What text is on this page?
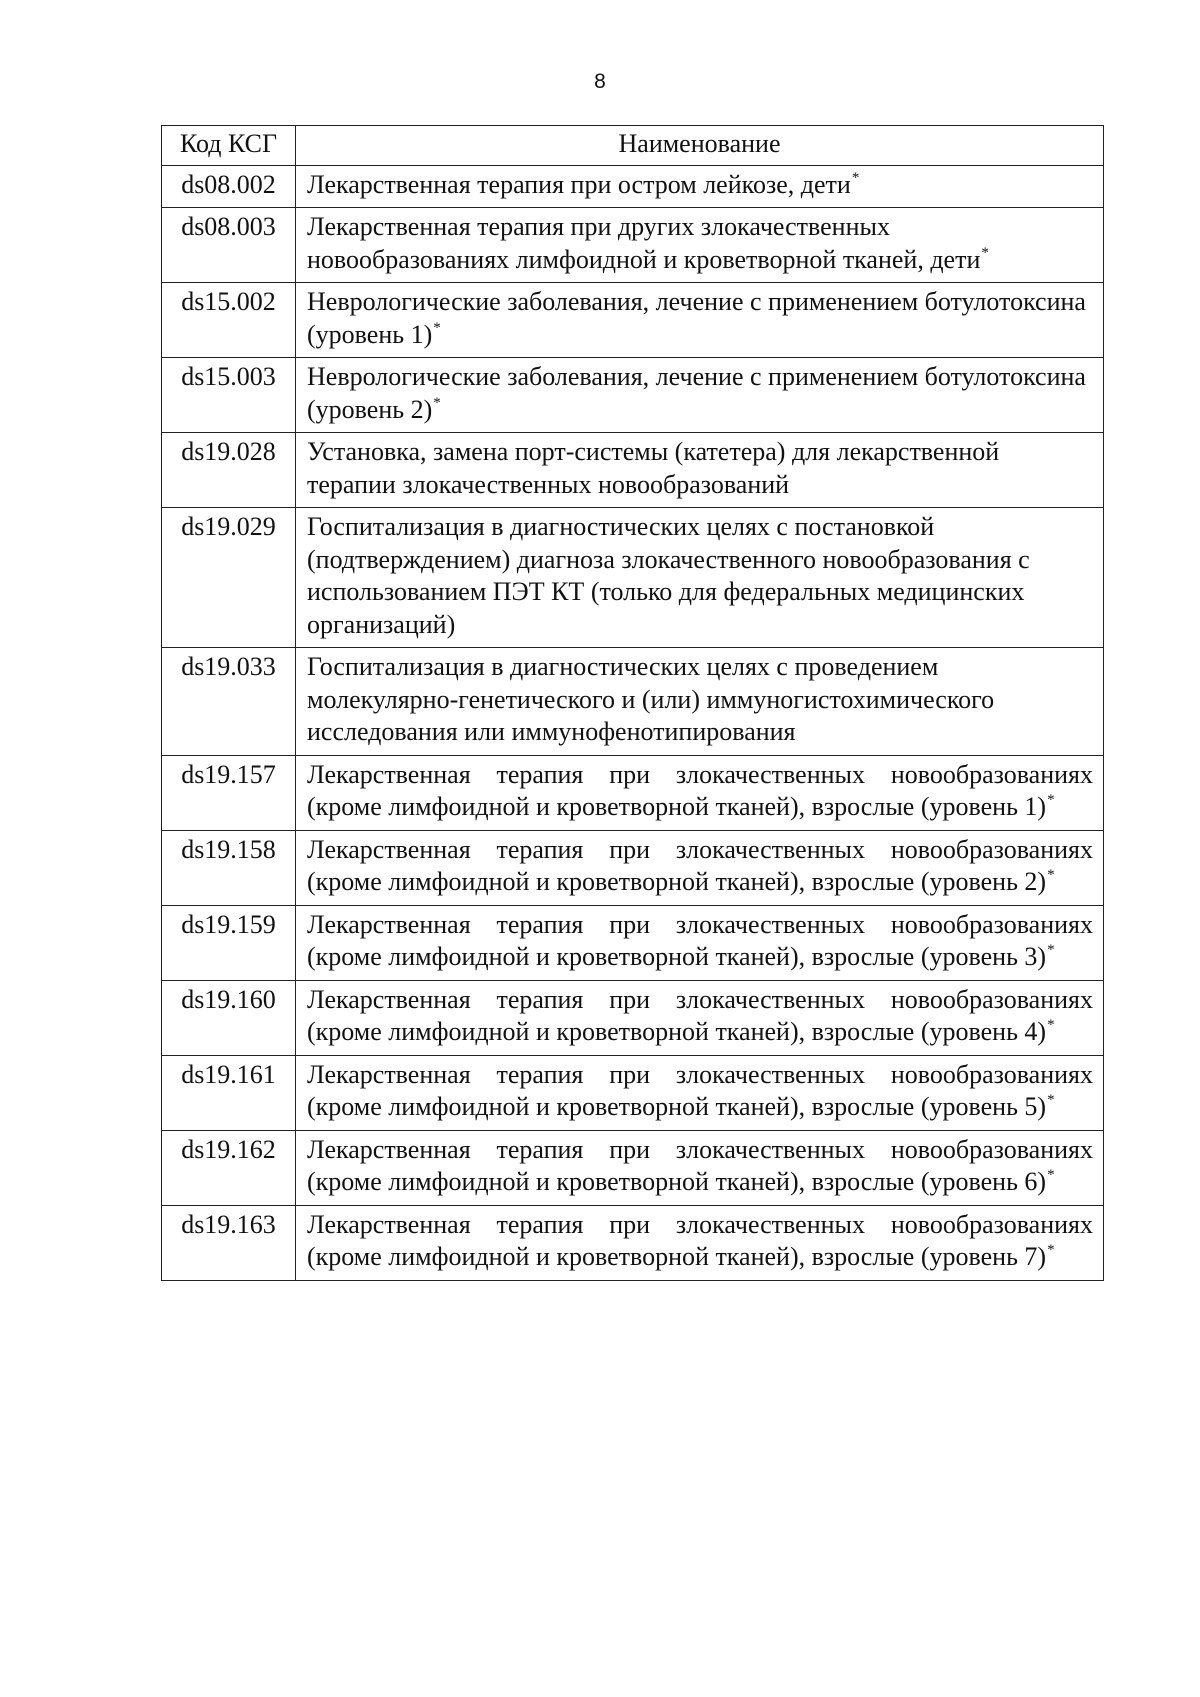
8
Код КСГ	Наименование
ds08.002	Лекарственная терапия при остром лейкозе, дети*
ds08.003	Лекарственная терапия при других злокачественных новообразованиях лимфоидной и кроветворной тканей, дети*
ds15.002	Неврологические заболевания, лечение с применением ботулотоксина (уровень 1)*
ds15.003	Неврологические заболевания, лечение с применением ботулотоксина (уровень 2)*
ds19.028	Установка, замена порт-системы (катетера) для лекарственной терапии злокачественных новообразований
ds19.029	Госпитализация в диагностических целях с постановкой (подтверждением) диагноза злокачественного новообразования с использованием ПЭТ КТ (только для федеральных медицинских организаций)
ds19.033	Госпитализация в диагностических целях с проведением молекулярно-генетического и (или) иммуногистохимического исследования или иммунофенотипирования
ds19.157	Лекарственная терапия при злокачественных новообразованиях (кроме лимфоидной и кроветворной тканей), взрослые (уровень 1)*
ds19.158	Лекарственная терапия при злокачественных новообразованиях (кроме лимфоидной и кроветворной тканей), взрослые (уровень 2)*
ds19.159	Лекарственная терапия при злокачественных новообразованиях (кроме лимфоидной и кроветворной тканей), взрослые (уровень 3)*
ds19.160	Лекарственная терапия при злокачественных новообразованиях (кроме лимфоидной и кроветворной тканей), взрослые (уровень 4)*
ds19.161	Лекарственная терапия при злокачественных новообразованиях (кроме лимфоидной и кроветворной тканей), взрослые (уровень 5)*
ds19.162	Лекарственная терапия при злокачественных новообразованиях (кроме лимфоидной и кроветворной тканей), взрослые (уровень 6)*
ds19.163	Лекарственная терапия при злокачественных новообразованиях (кроме лимфоидной и кроветворной тканей), взрослые (уровень 7)*
